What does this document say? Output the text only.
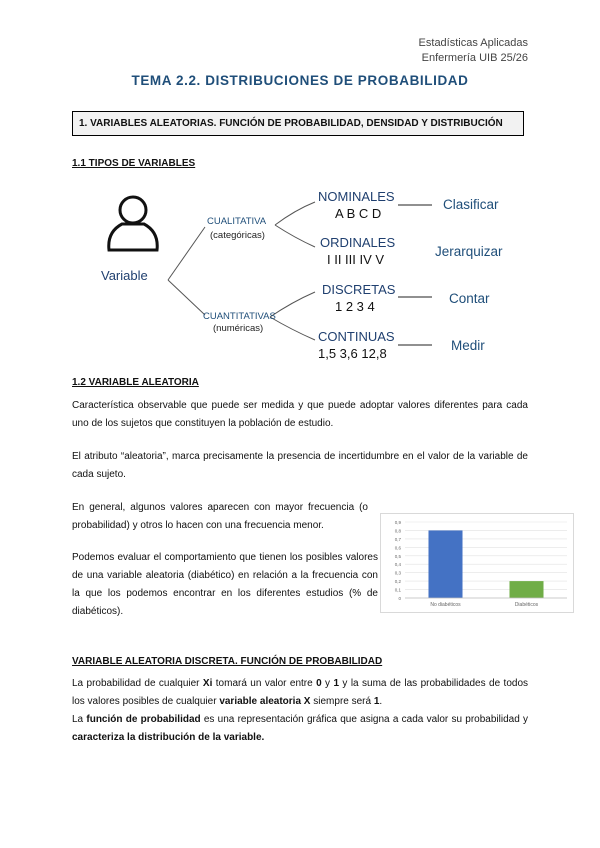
Estadísticas Aplicadas
Enfermería UIB 25/26
TEMA 2.2. DISTRIBUCIONES DE PROBABILIDAD
1. VARIABLES ALEATORIAS. FUNCIÓN DE PROBABILIDAD, DENSIDAD Y DISTRIBUCIÓN
1.1 TIPOS DE VARIABLES
Variable
CUALITATIVA
(categóricas)
CUANTITATIVAS
(numéricas)
NOMINALES
A B C D
Clasificar
ORDINALES
I II III IV V
Jerarquizar
DISCRETAS
1 2 3 4
Contar
CONTINUAS
1,5 3,6 12,8
Medir
1.2 VARIABLE ALEATORIA
Característica observable que puede ser medida y que puede adoptar valores diferentes para cada uno de los sujetos que constituyen la población de estudio.
El atributo “aleatoria”, marca precisamente la presencia de incertidumbre en el valor de la variable de cada sujeto.
En general, algunos valores aparecen con mayor frecuencia (o probabilidad) y otros lo hacen con una frecuencia menor.
Podemos evaluar el comportamiento que tienen los posibles valores de una variable aleatoria (diabético) en relación a la frecuencia con la que los podemos encontrar en los diferentes estudios (% de diabéticos).
0
0,1
0,2
0,3
0,4
0,5
0,6
0,7
0,8
0,9
No diabéticos	Diabéticos
VARIABLE ALEATORIA DISCRETA. FUNCIÓN DE PROBABILIDAD
La probabilidad de cualquier Xi tomará un valor entre 0 y 1 y la suma de las probabilidades de todos los valores posibles de cualquier variable aleatoria X siempre será 1.
La función de probabilidad es una representación gráfica que asigna a cada valor su probabilidad y caracteriza la distribución de la variable.
